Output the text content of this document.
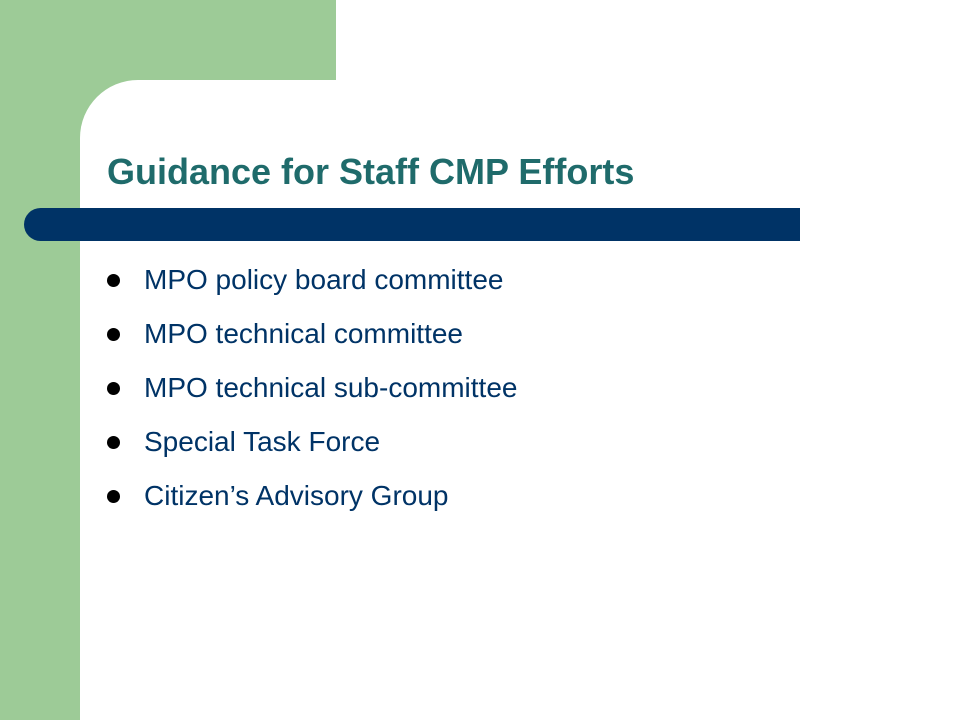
Guidance for Staff CMP Efforts
MPO policy board committee
MPO technical committee
MPO technical sub-committee
Special Task Force
Citizen’s Advisory Group
